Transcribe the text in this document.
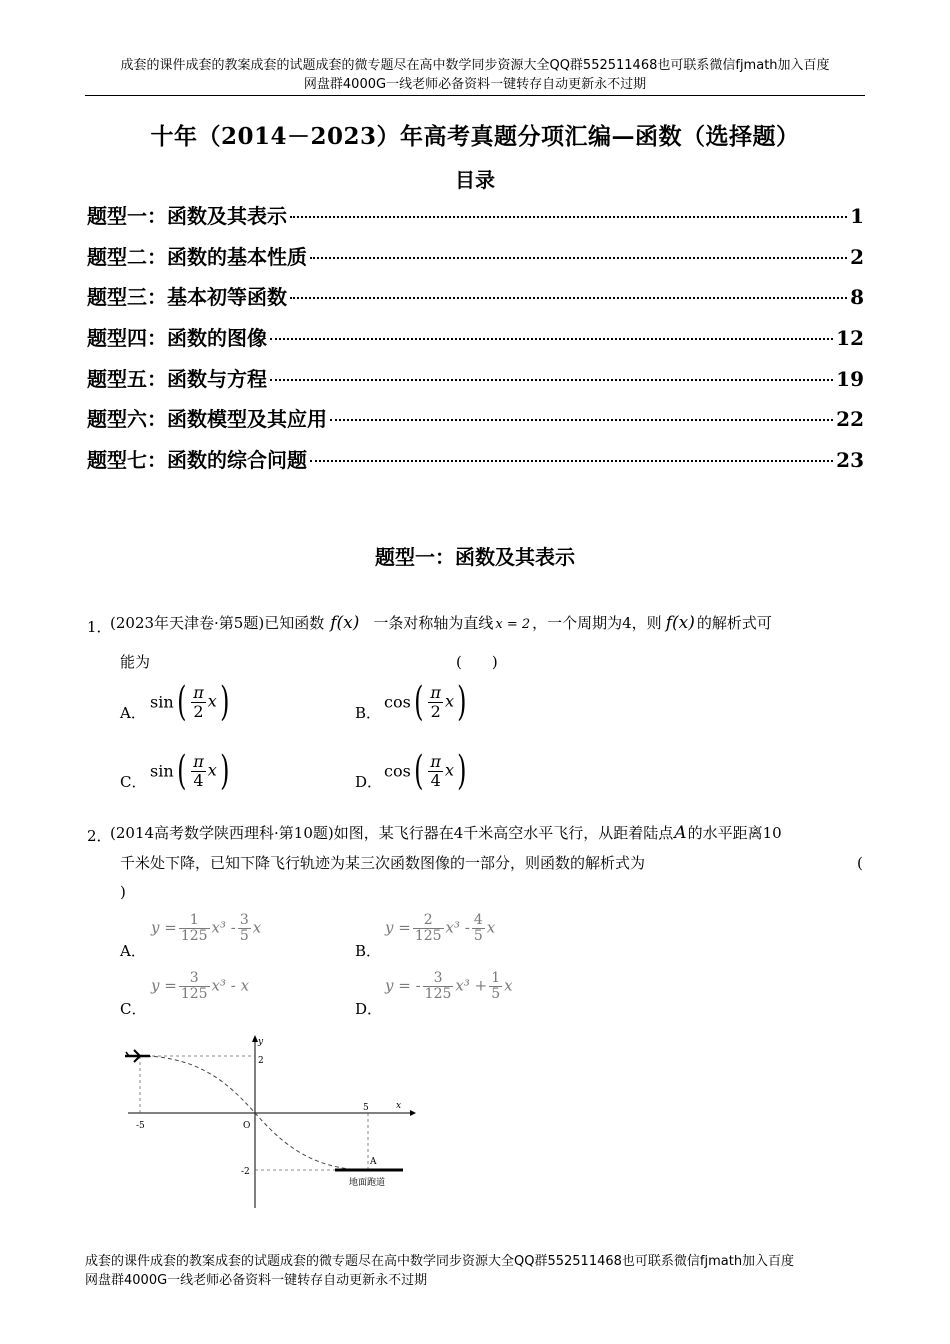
成套的课件成套的教案成套的试题成套的微专题尽在高中数学同步资源大全QQ群552511468也可联系微信fjmath加入百度
网盘群4000G一线老师必备资料一键转存自动更新永不过期
十年（2014－2023）年高考真题分项汇编—函数（选择题）
目录
题型一：函数及其表示	1
题型二：函数的基本性质	2
题型三：基本初等函数	8
题型四：函数的图像	12
题型五：函数与方程	19
题型六：函数模型及其应用	22
题型七：函数的综合问题	23
题型一：函数及其表示
1．
(2023年天津卷·第5题)已知函数 f(x) 一条对称轴为直线 x = 2 ，一个周期为4，则 f(x) 的解析式可
能为	(　　)
A．
$\sin( \frac{\pi}{2} x)$	B．
$\cos( \frac{\pi}{2} x)$
C．
$\sin( \frac{\pi}{4} x)$	D．
$\cos( \frac{\pi}{4} x)$
2．
(2014高考数学陕西理科·第10题)如图，某飞行器在4千米高空水平飞行，从距着陆点A的水平距离10
千米处下降，已知下降飞行轨迹为某三次函数图像的一部分，则函数的解析式为	(
)
A．
$y = \frac{1}{125} x^3 - \frac{3}{5}$ x
B．
$y = \frac{2}{125} x^3 - \frac{4}{5}$ x
C．
$y = \frac{3}{125} x^3 - x$
D．
y = - $\frac{3}{125} x^3 + \frac{1}{5}$ x
y
x
O
-5
5
2
-2
A
地面跑道
成套的课件成套的教案成套的试题成套的微专题尽在高中数学同步资源大全QQ群552511468也可联系微信fjmath加入百度
网盘群4000G一线老师必备资料一键转存自动更新永不过期
